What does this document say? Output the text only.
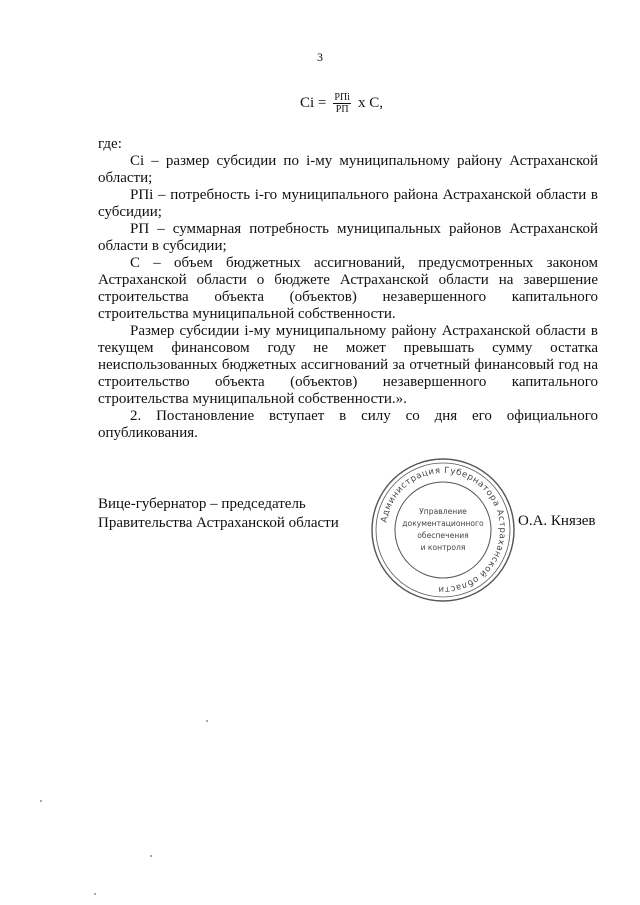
3
Сi = $\frac{\text{РПi}}{РП}$ х С,

где:

Сi – размер субсидии по i-му муниципальному району Астраханской области;

РПi – потребность i-го муниципального района Астраханской области в субсидии;

РП – суммарная потребность муниципальных районов Астраханской области в субсидии;

С – объем бюджетных ассигнований, предусмотренных законом Астраханской области о бюджете Астраханской области на завершение строительства объекта (объектов) незавершенного капитального строительства муниципальной собственности.

Размер субсидии i-му муниципальному району Астраханской области в текущем финансовом году не может превышать сумму остатка неиспользованных бюджетных ассигнований за отчетный финансовый год на строительство объекта (объектов) незавершенного капитального строительства муниципальной собственности.».

2. Постановление вступает в силу со дня его официального опубликования.

Вице-губернатор – председатель
Правительства Астраханской области	Администрация Губернатора Астраханской области
Управление
документационного
обеспечения
и контроля
О.А. Князев
